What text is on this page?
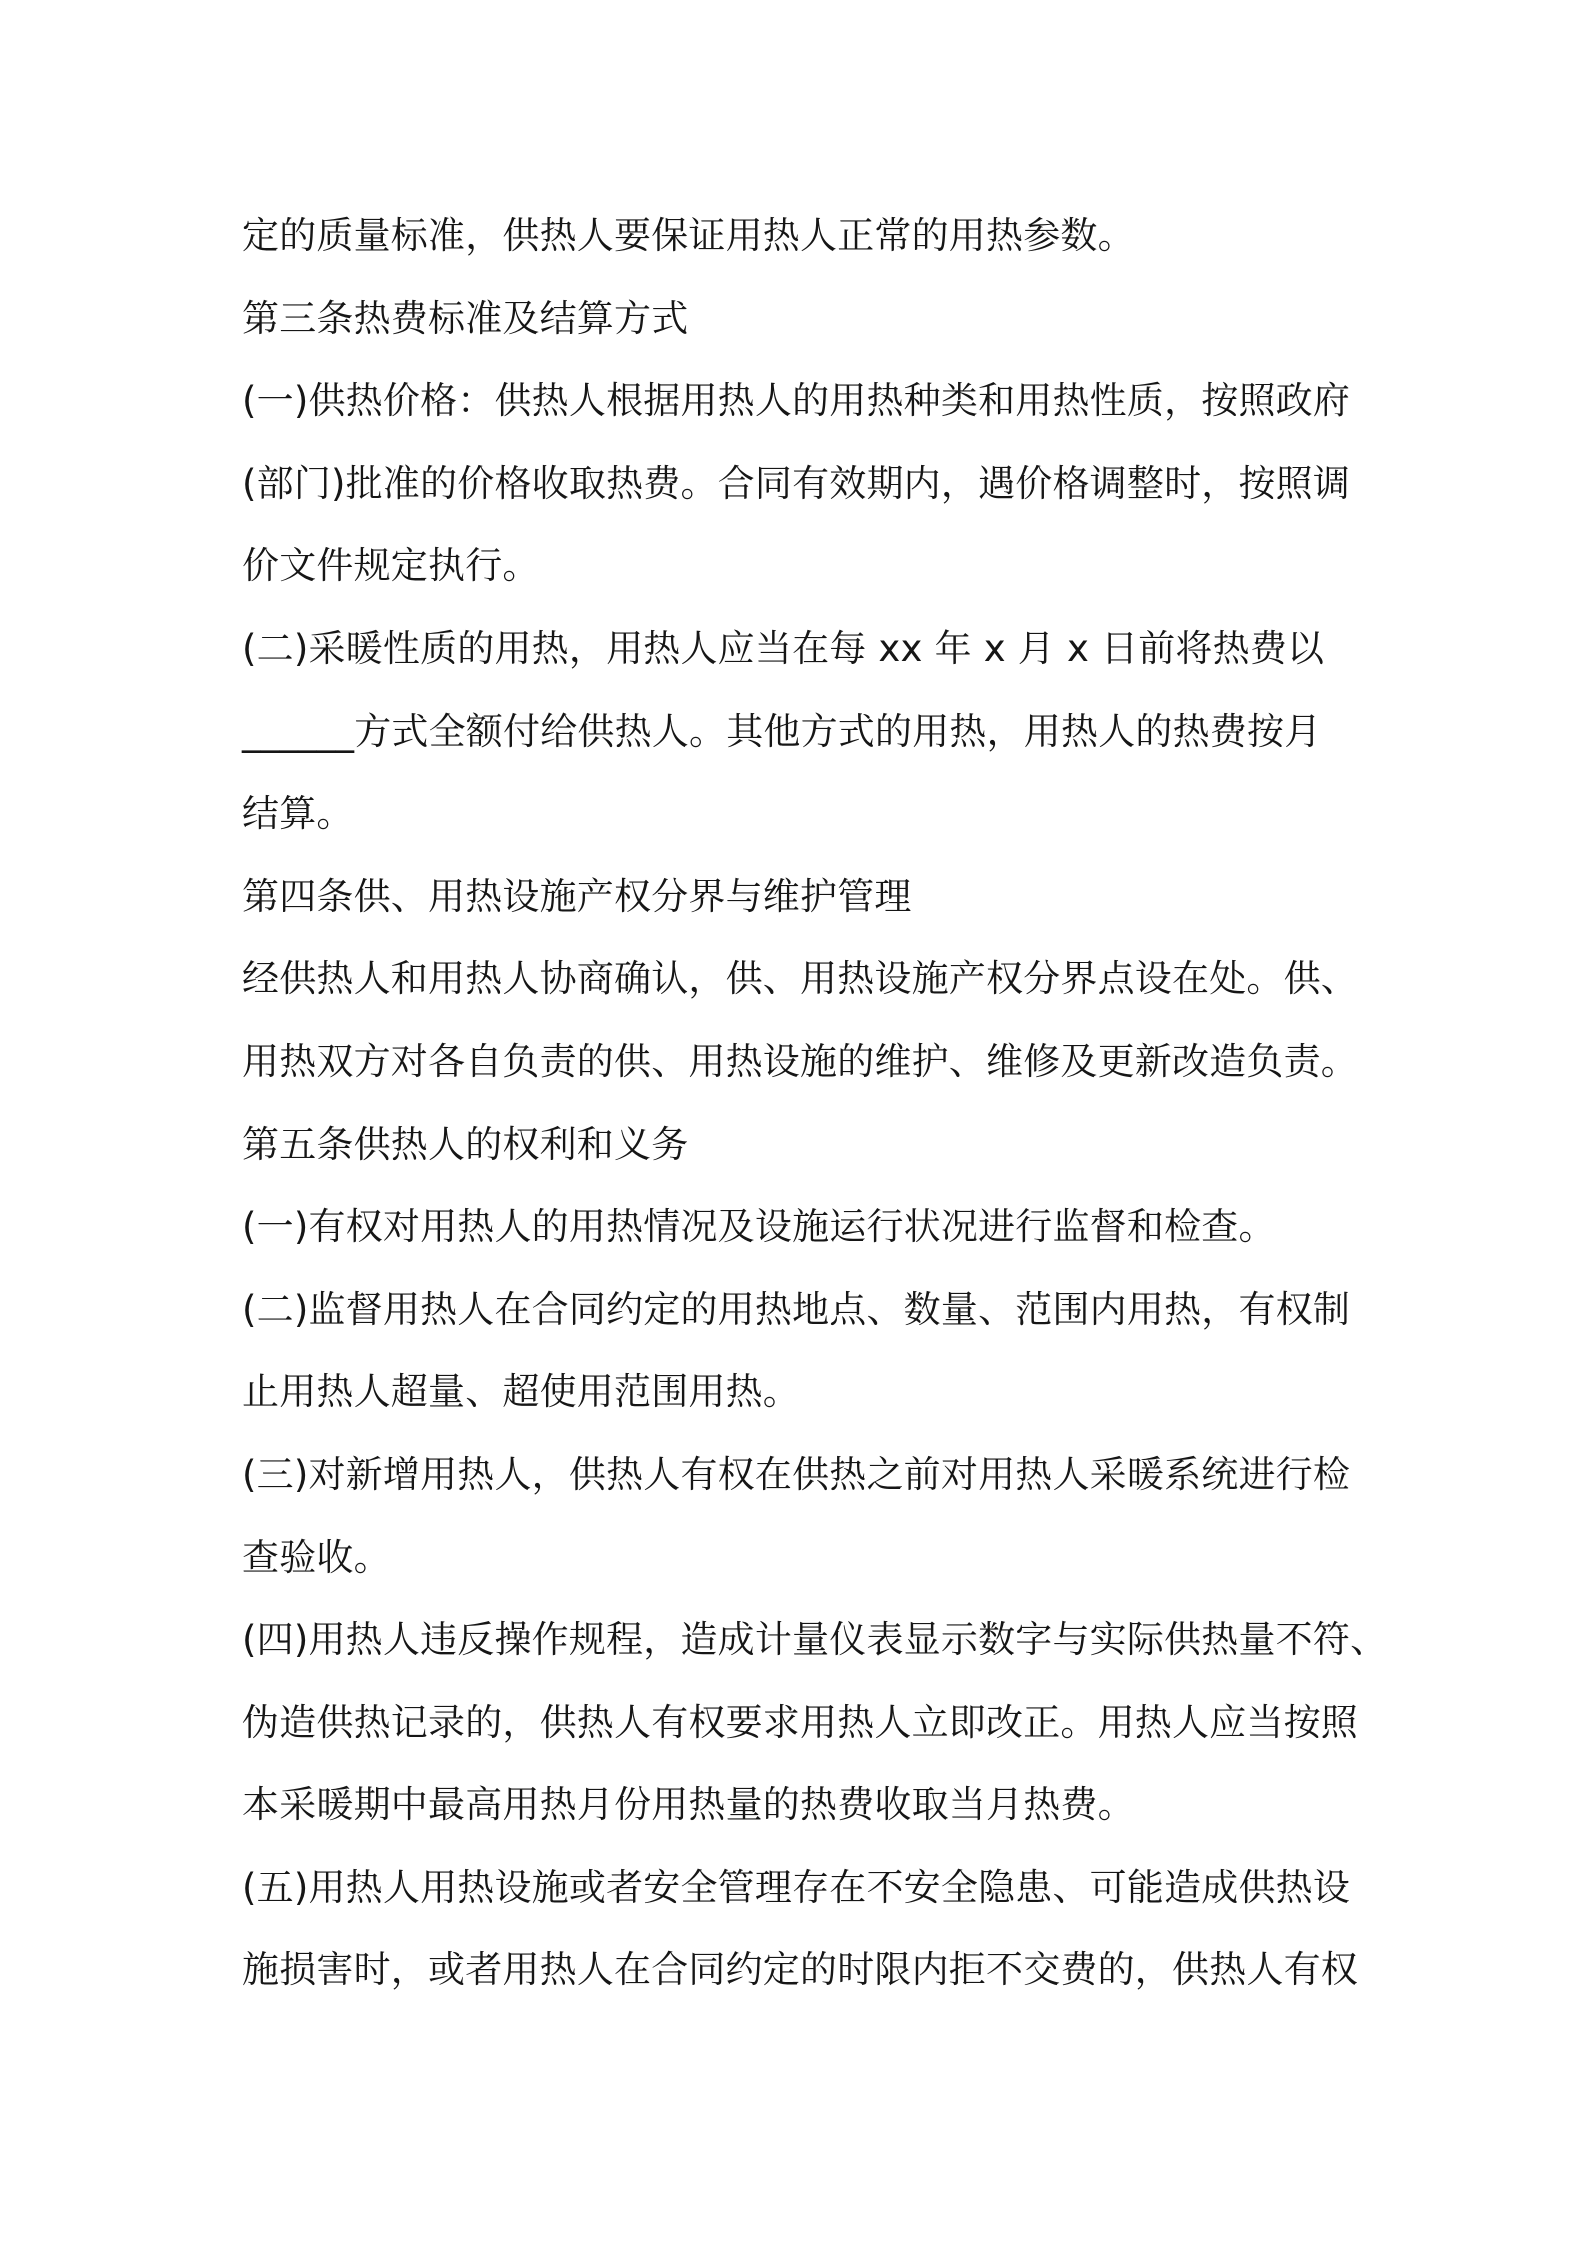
定的质量标准，供热人要保证用热人正常的用热参数。
第三条热费标准及结算方式
(一)供热价格：供热人根据用热人的用热种类和用热性质，按照政府
(部门)批准的价格收取热费。合同有效期内，遇价格调整时，按照调
价文件规定执行。
(二)采暖性质的用热，用热人应当在每 xx 年 x 月 x 日前将热费以
______方式全额付给供热人。其他方式的用热，用热人的热费按月
结算。
第四条供、用热设施产权分界与维护管理
经供热人和用热人协商确认，供、用热设施产权分界点设在处。供、
用热双方对各自负责的供、用热设施的维护、维修及更新改造负责。
第五条供热人的权利和义务
(一)有权对用热人的用热情况及设施运行状况进行监督和检查。
(二)监督用热人在合同约定的用热地点、数量、范围内用热，有权制
止用热人超量、超使用范围用热。
(三)对新增用热人，供热人有权在供热之前对用热人采暖系统进行检
查验收。
(四)用热人违反操作规程，造成计量仪表显示数字与实际供热量不符、
伪造供热记录的，供热人有权要求用热人立即改正。用热人应当按照
本采暖期中最高用热月份用热量的热费收取当月热费。
(五)用热人用热设施或者安全管理存在不安全隐患、可能造成供热设
施损害时，或者用热人在合同约定的时限内拒不交费的，供热人有权
